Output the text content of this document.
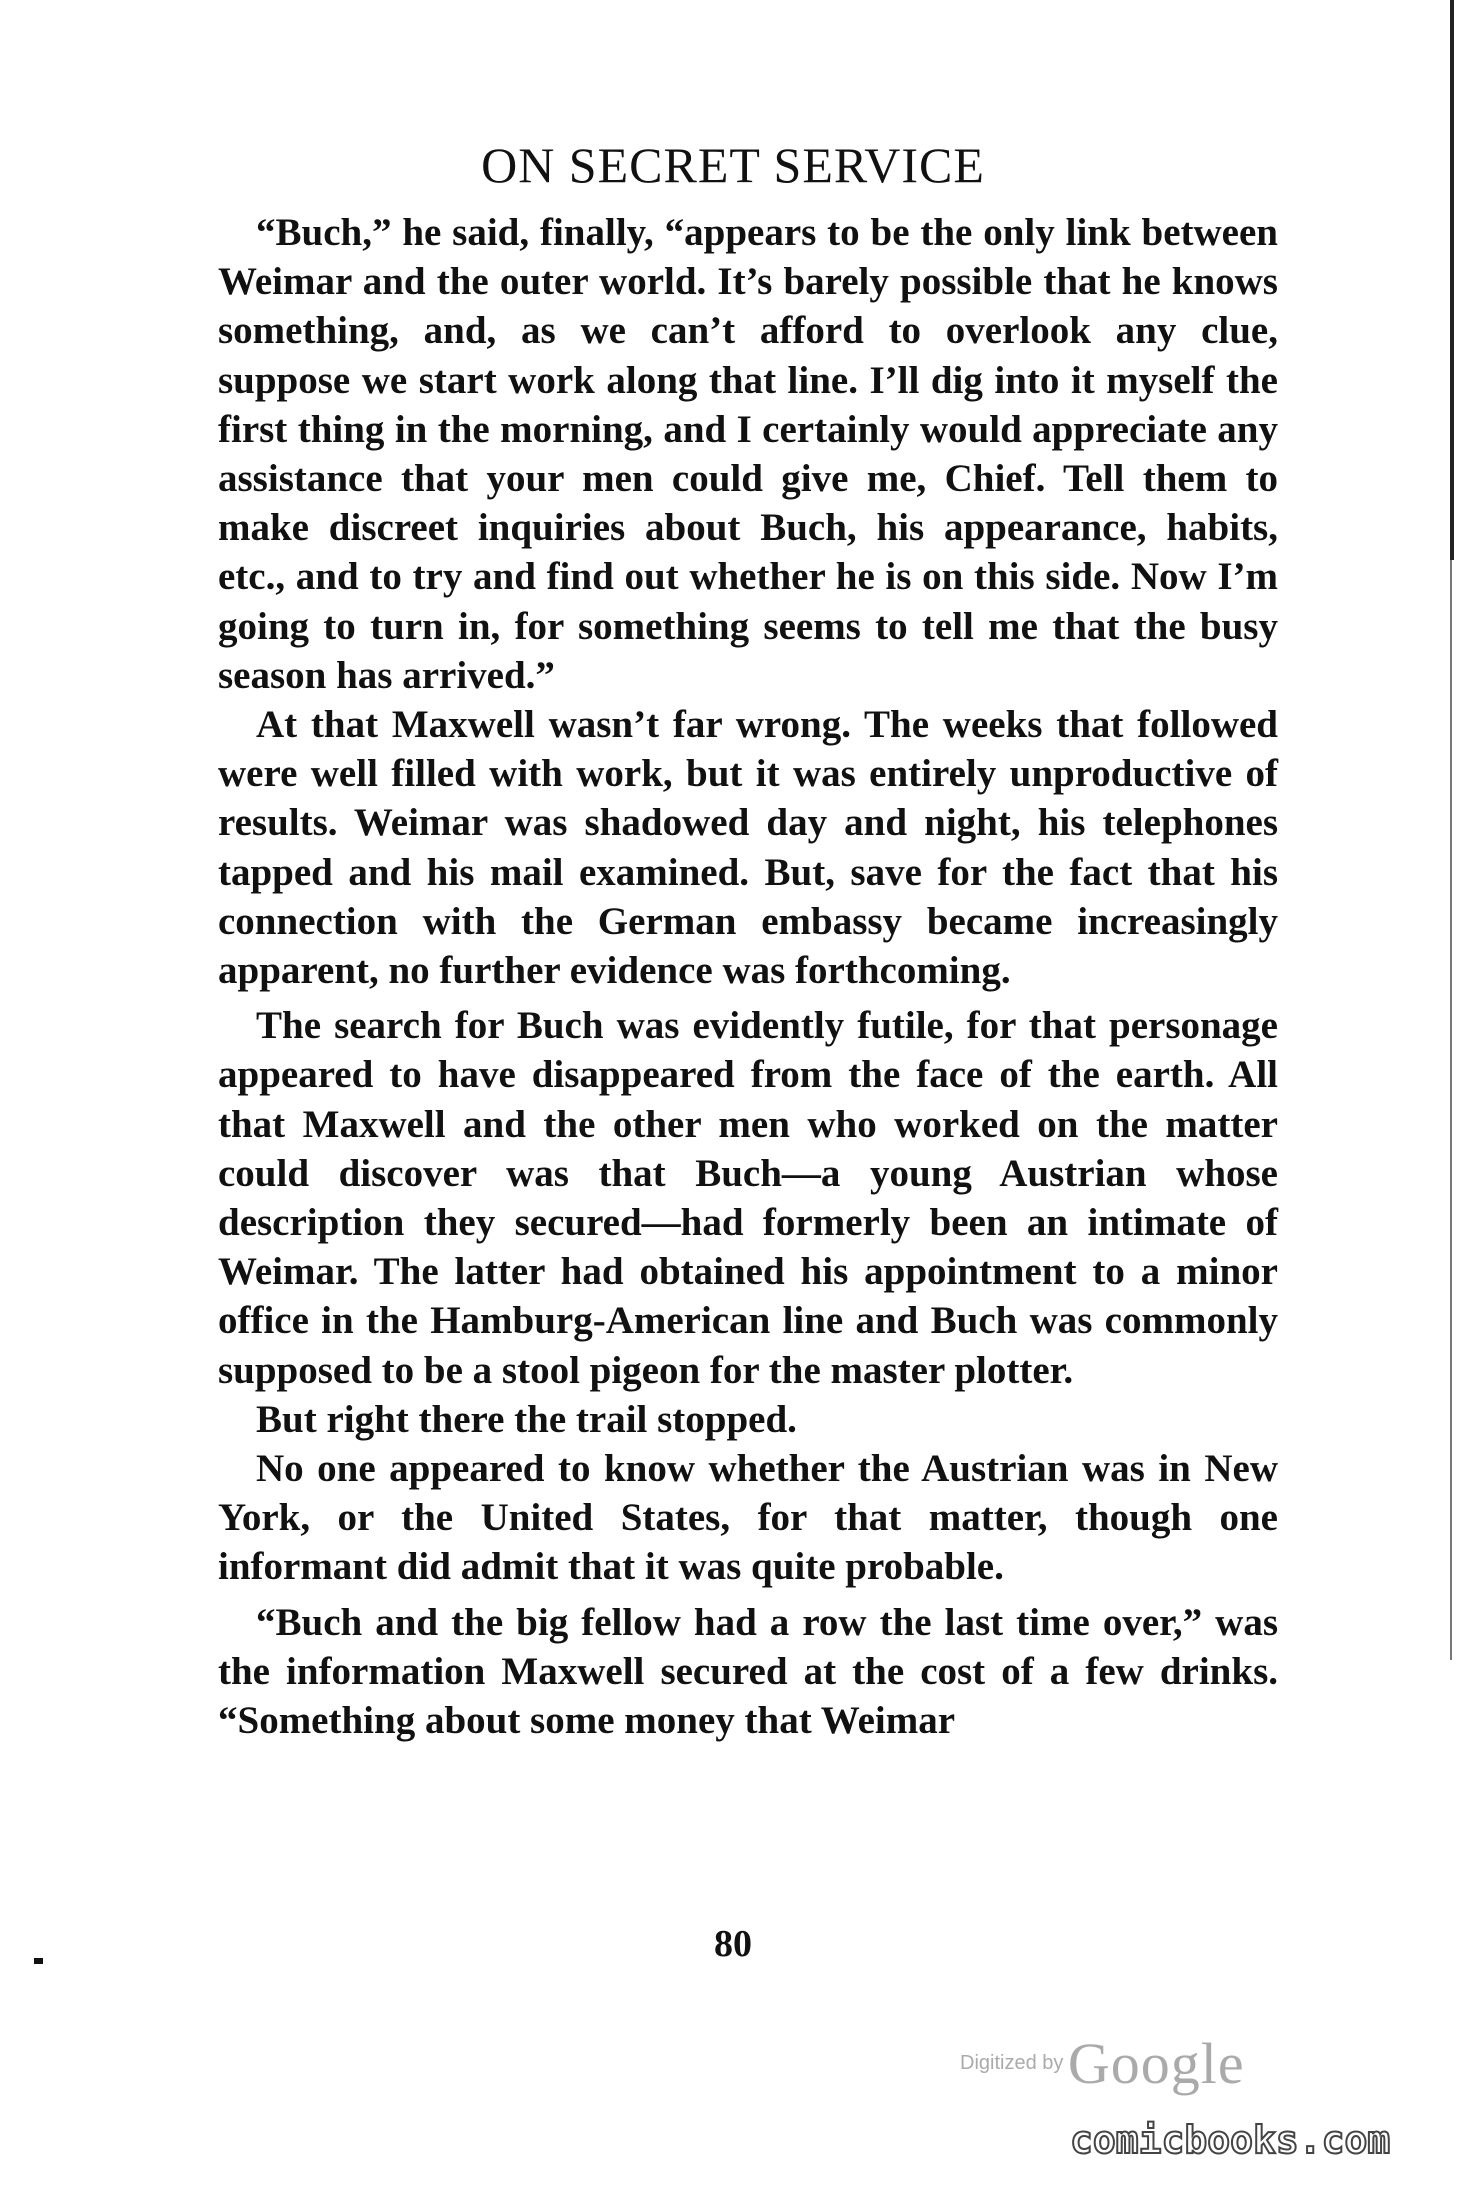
ON SECRET SERVICE

“Buch,” he said, finally, “appears to be the only link between Weimar and the outer world. It’s barely possible that he knows something, and, as we can’t afford to overlook any clue, suppose we start work along that line. I’ll dig into it myself the first thing in the morning, and I certainly would appreciate any assistance that your men could give me, Chief. Tell them to make discreet inquiries about Buch, his appearance, habits, etc., and to try and find out whether he is on this side. Now I’m going to turn in, for something seems to tell me that the busy season has arrived.”

At that Maxwell wasn’t far wrong. The weeks that followed were well filled with work, but it was entirely unproductive of results. Weimar was shadowed day and night, his telephones tapped and his mail examined. But, save for the fact that his connection with the German embassy became increasingly apparent, no further evidence was forthcoming.

The search for Buch was evidently futile, for that personage appeared to have disappeared from the face of the earth. All that Maxwell and the other men who worked on the matter could discover was that Buch—a young Austrian whose description they secured—had formerly been an intimate of Weimar. The latter had obtained his appointment to a minor office in the Hamburg-American line and Buch was commonly supposed to be a stool pigeon for the master plotter.

But right there the trail stopped.

No one appeared to know whether the Austrian was in New York, or the United States, for that matter, though one informant did admit that it was quite probable.

“Buch and the big fellow had a row the last time over,” was the information Maxwell secured at the cost of a few drinks. “Something about some money that Weimar

80
Digitized by Google
comicbooks.com
